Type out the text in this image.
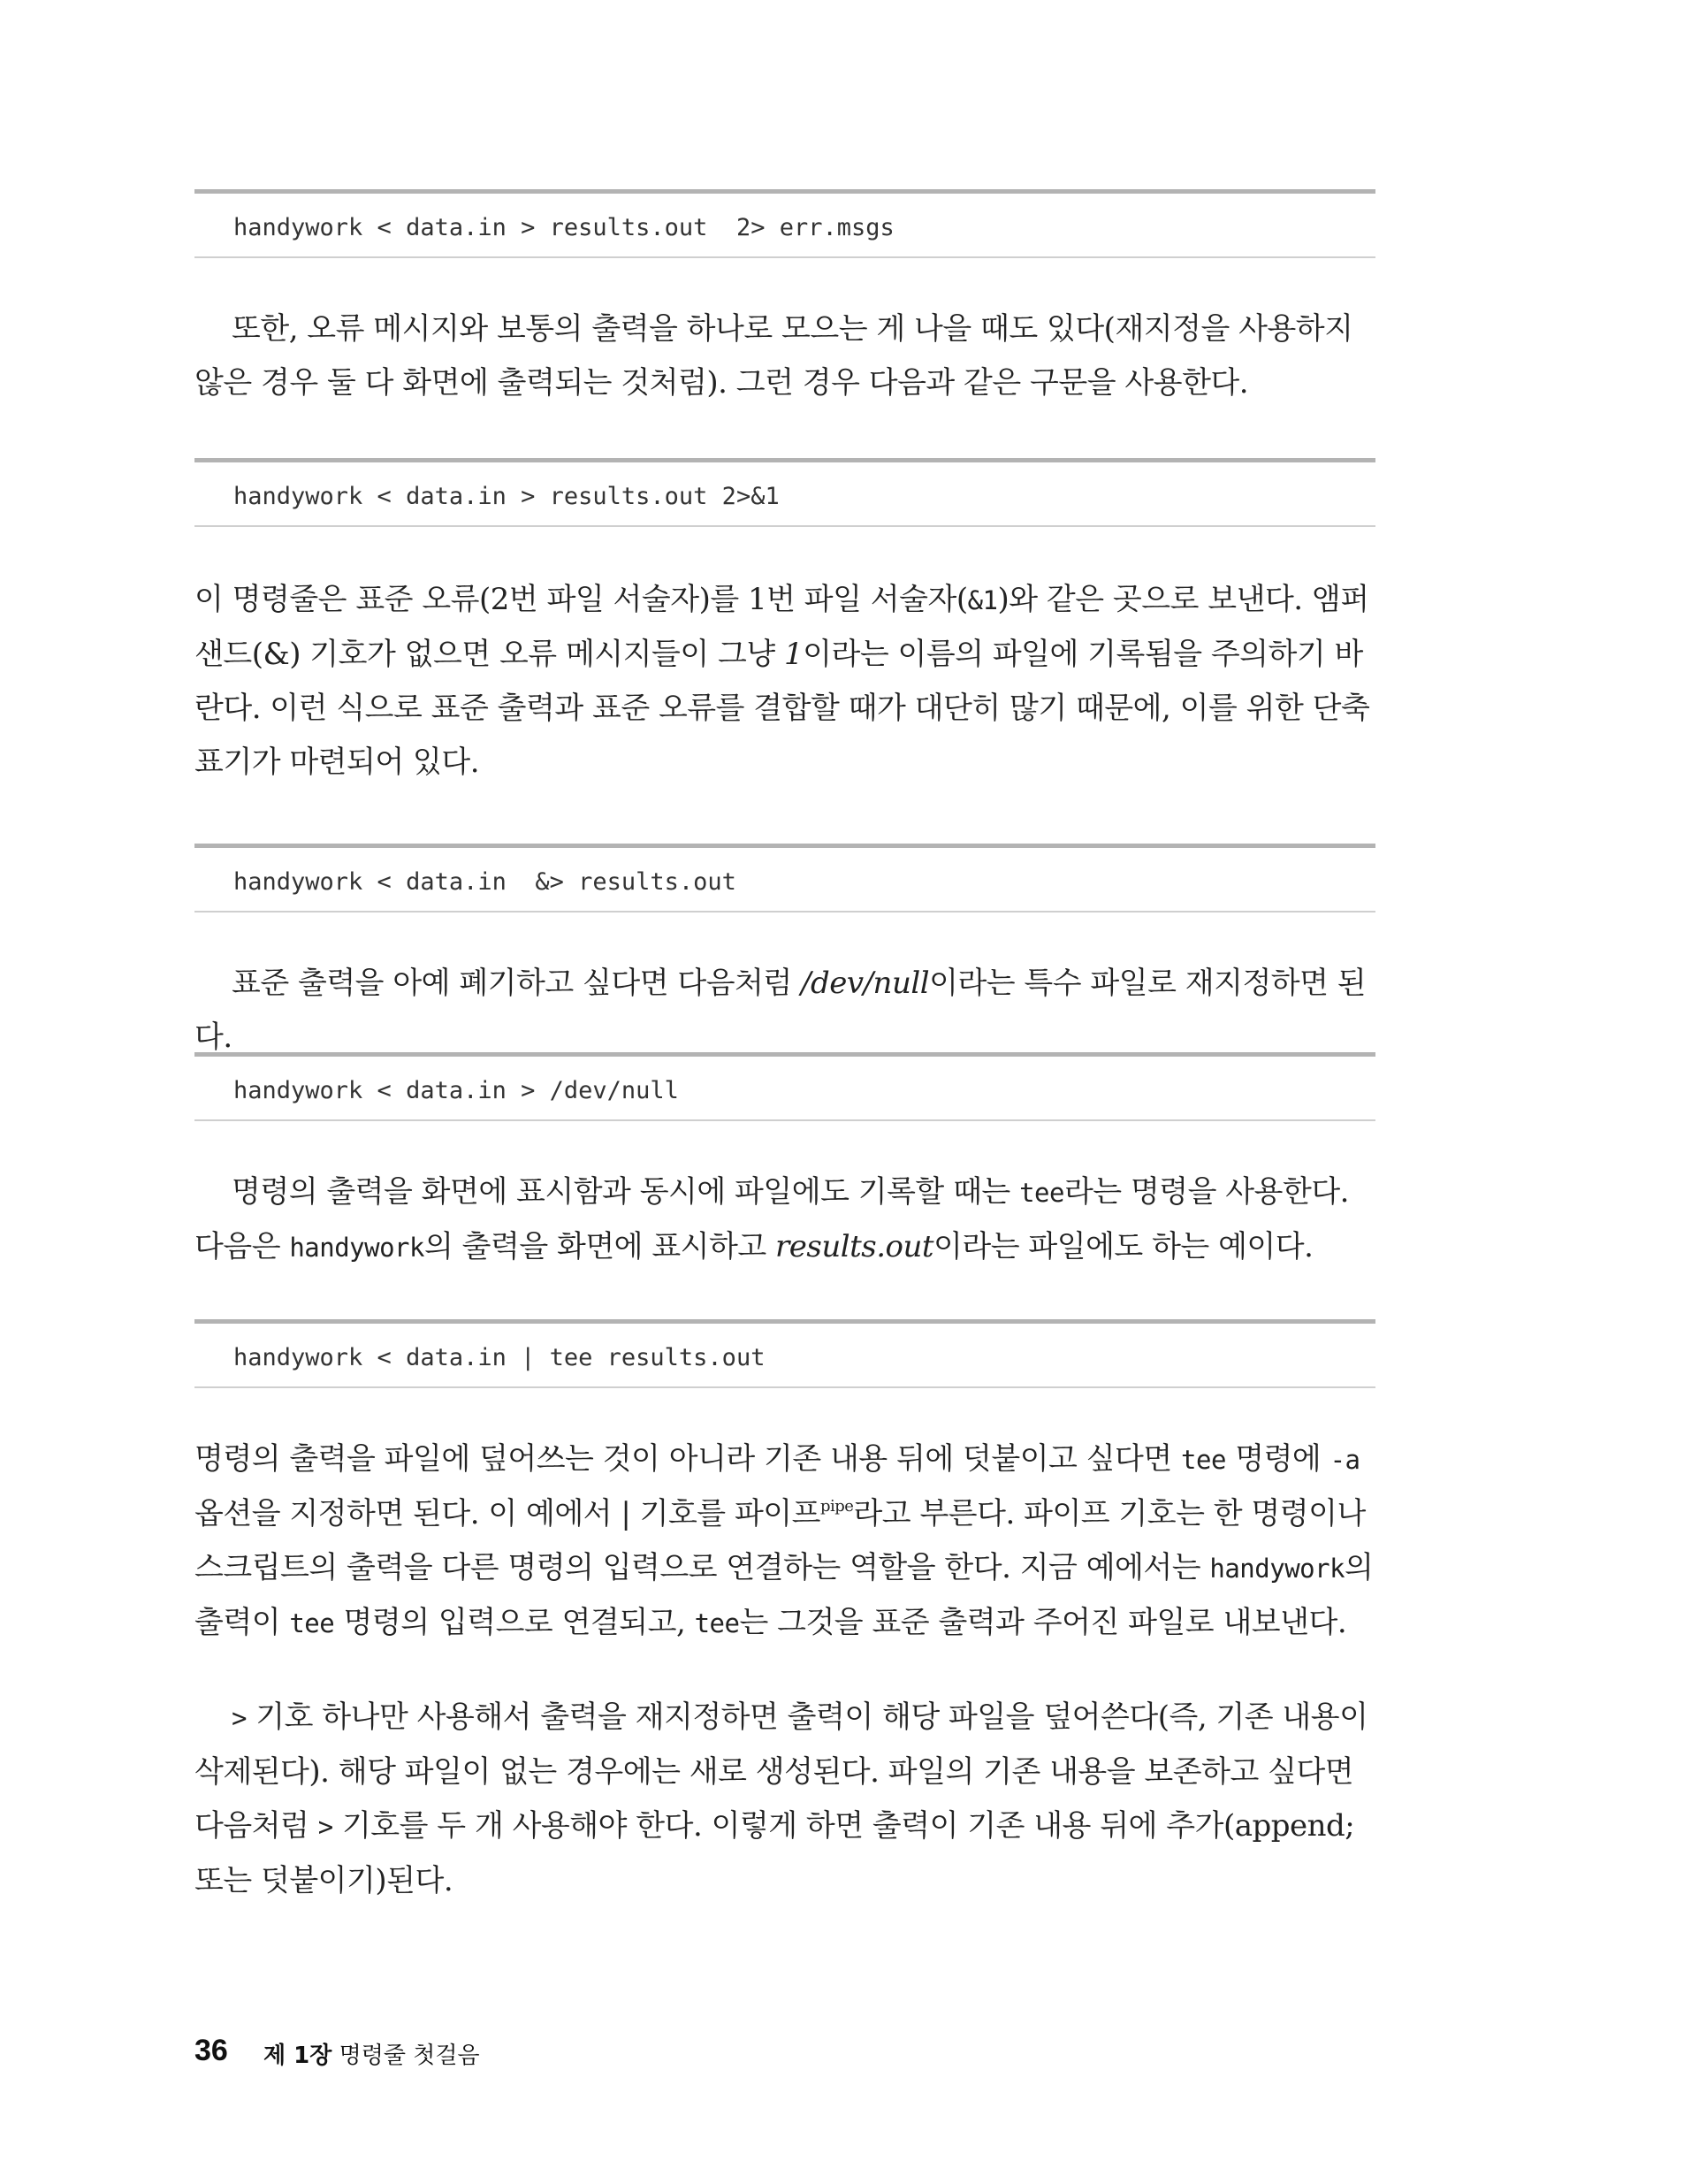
handywork < data.in > results.out  2> err.msgs

또한, 오류 메시지와 보통의 출력을 하나로 모으는 게 나을 때도 있다(재지정을 사용하지 않은 경우 둘 다 화면에 출력되는 것처럼). 그런 경우 다음과 같은 구문을 사용한다.

handywork < data.in > results.out 2>&1

이 명령줄은 표준 오류(2번 파일 서술자)를 1번 파일 서술자(&1)와 같은 곳으로 보낸다. 앰퍼샌드(&) 기호가 없으면 오류 메시지들이 그냥 1이라는 이름의 파일에 기록됨을 주의하기 바란다. 이런 식으로 표준 출력과 표준 오류를 결합할 때가 대단히 많기 때문에, 이를 위한 단축 표기가 마련되어 있다.

handywork < data.in  &> results.out

표준 출력을 아예 폐기하고 싶다면 다음처럼 /dev/null이라는 특수 파일로 재지정하면 된다.

handywork < data.in > /dev/null

명령의 출력을 화면에 표시함과 동시에 파일에도 기록할 때는 tee라는 명령을 사용한다. 다음은 handywork의 출력을 화면에 표시하고 results.out이라는 파일에도 하는 예이다.

handywork < data.in | tee results.out

명령의 출력을 파일에 덮어쓰는 것이 아니라 기존 내용 뒤에 덧붙이고 싶다면 tee 명령에 -a 옵션을 지정하면 된다. 이 예에서 | 기호를 파이프$^{pipe}$라고 부른다. 파이프 기호는 한 명령이나 스크립트의 출력을 다른 명령의 입력으로 연결하는 역할을 한다. 지금 예에서는 handywork의 출력이 tee 명령의 입력으로 연결되고, tee는 그것을 표준 출력과 주어진 파일로 내보낸다.

> 기호 하나만 사용해서 출력을 재지정하면 출력이 해당 파일을 덮어쓴다(즉, 기존 내용이 삭제된다). 해당 파일이 없는 경우에는 새로 생성된다. 파일의 기존 내용을 보존하고 싶다면 다음처럼 > 기호를 두 개 사용해야 한다. 이렇게 하면 출력이 기존 내용 뒤에 추가(append; 또는 덧붙이기)된다.

36 제 1장 명령줄 첫걸음
